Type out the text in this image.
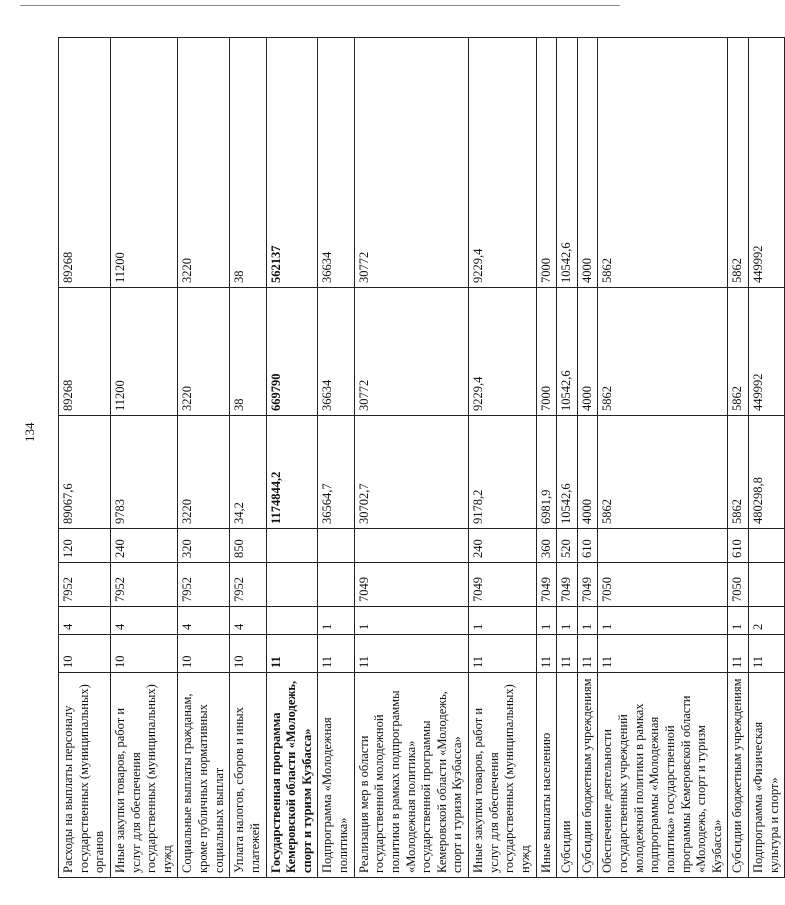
134
Расходы на выплаты персоналу государственных (муниципальных) органов	10	4	7952	120	89067,6	89268	89268
Иные закупки товаров, работ и услуг для обеспечения государственных (муниципальных) нужд	10	4	7952	240	9783	11200	11200
Социальные выплаты гражданам, кроме публичных нормативных социальных выплат	10	4	7952	320	3220	3220	3220
Уплата налогов, сборов и иных платежей	10	4	7952	850	34,2	38	38
Государственная программа Кемеровской области «Молодежь, спорт и туризм Кузбасса»	11				1174844,2	669790	562137
Подпрограмма «Молодежная политика»	11	1			36564,7	36634	36634
Реализация мер в области государственной молодежной политики в рамках подпрограммы «Молодежная политика» государственной программы Кемеровской области «Молодежь, спорт и туризм Кузбасса»	11	1	7049		30702,7	30772	30772
Иные закупки товаров, работ и услуг для обеспечения государственных (муниципальных) нужд	11	1	7049	240	9178,2	9229,4	9229,4
Иные выплаты населению	11	1	7049	360	6981,9	7000	7000
Субсидии	11	1	7049	520	10542,6	10542,6	10542,6
Субсидии бюджетным учреждениям	11	1	7049	610	4000	4000	4000
Обеспечение деятельности государственных учреждений молодежной политики в рамках подпрограммы «Молодежная политика» государственной программы Кемеровской области «Молодежь, спорт и туризм Кузбасса»	11	1	7050		5862	5862	5862
Субсидии бюджетным учреждениям	11	1	7050	610	5862	5862	5862
Подпрограмма «Физическая культура и спорт»	11	2			480298,8	449992	449992
